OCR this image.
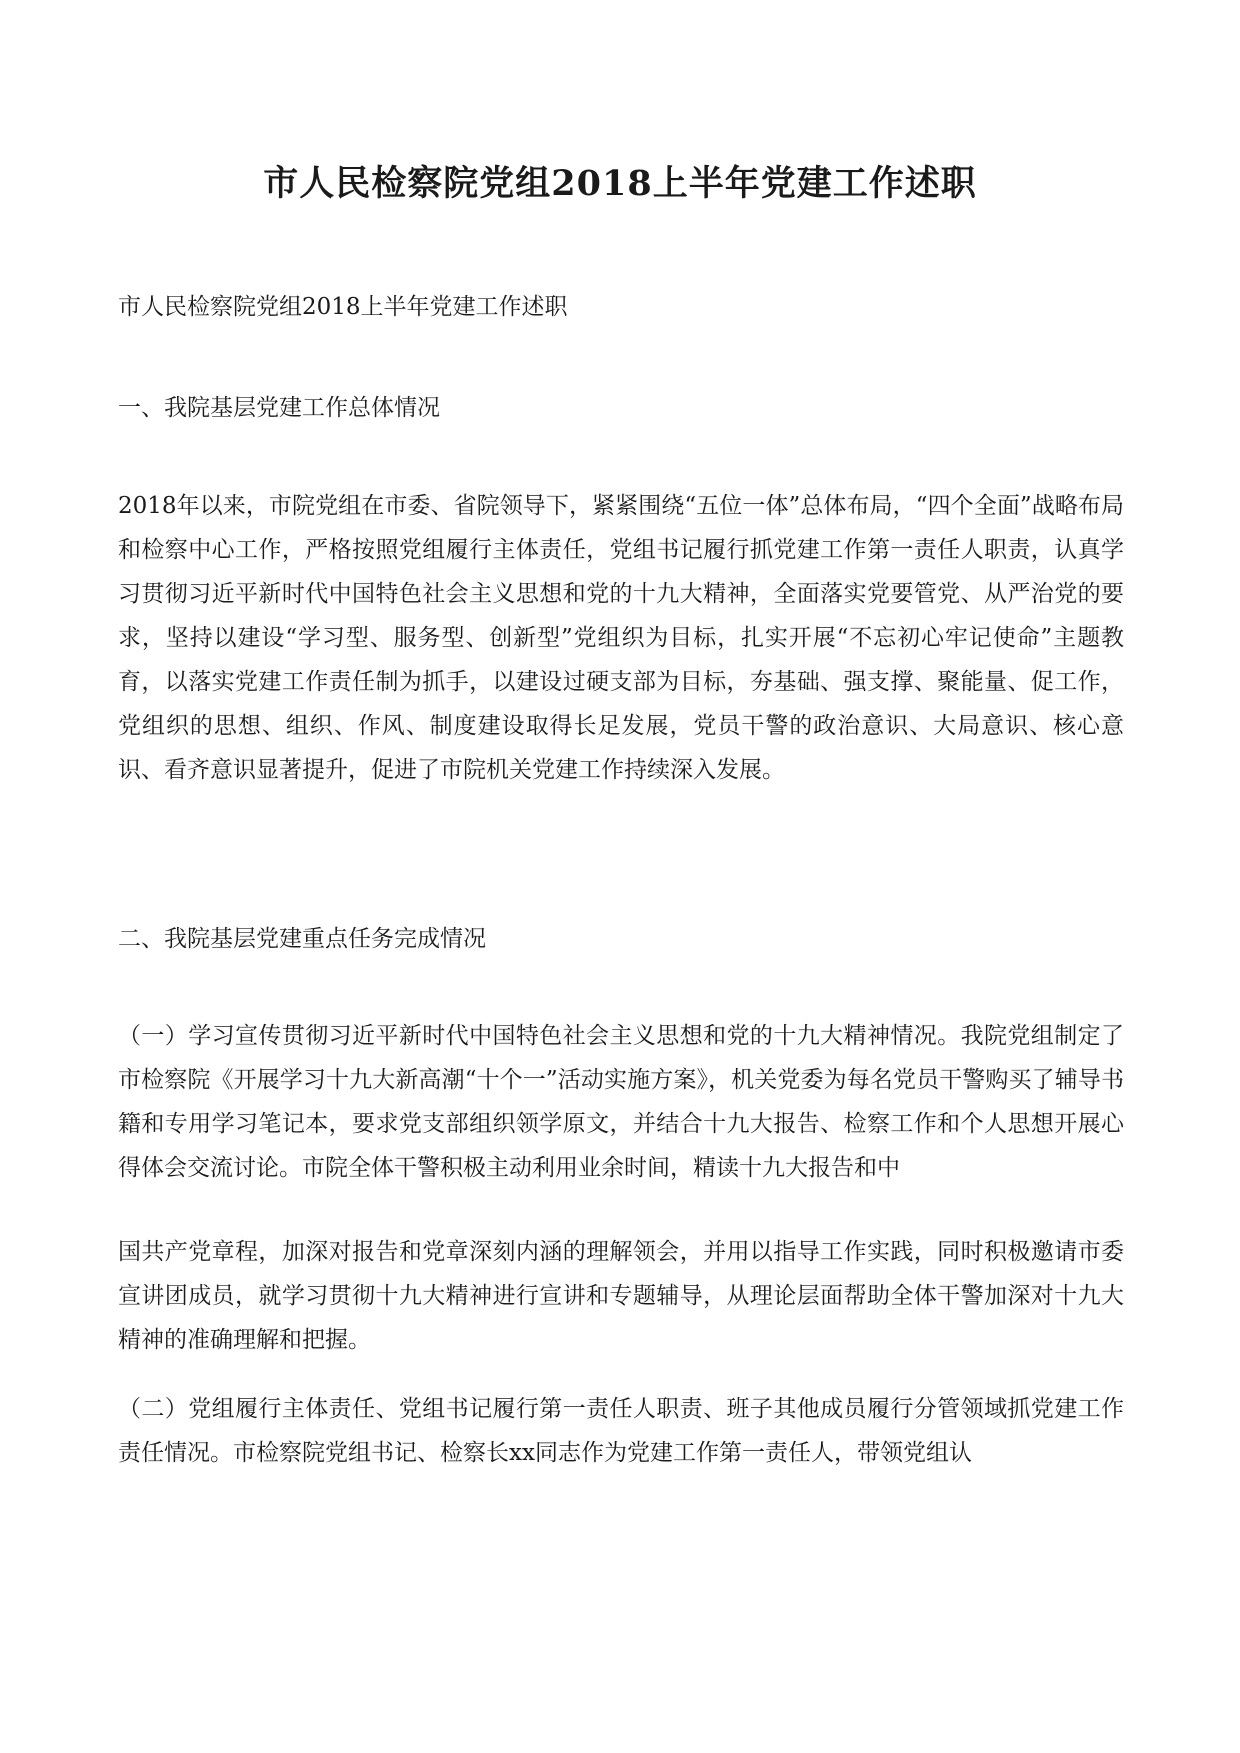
市人民检察院党组2018上半年党建工作述职
市人民检察院党组2018上半年党建工作述职
一、我院基层党建工作总体情况
2018年以来，市院党组在市委、省院领导下，紧紧围绕“五位一体”总体布局，“四个全面”战略布局和检察中心工作，严格按照党组履行主体责任，党组书记履行抓党建工作第一责任人职责，认真学习贯彻习近平新时代中国特色社会主义思想和党的十九大精神，全面落实党要管党、从严治党的要求，坚持以建设“学习型、服务型、创新型”党组织为目标，扎实开展“不忘初心牢记使命”主题教育，以落实党建工作责任制为抓手，以建设过硬支部为目标，夯基础、强支撑、聚能量、促工作，党组织的思想、组织、作风、制度建设取得长足发展，党员干警的政治意识、大局意识、核心意识、看齐意识显著提升，促进了市院机关党建工作持续深入发展。
二、我院基层党建重点任务完成情况
（一）学习宣传贯彻习近平新时代中国特色社会主义思想和党的十九大精神情况。我院党组制定了市检察院《开展学习十九大新高潮“十个一”活动实施方案》，机关党委为每名党员干警购买了辅导书籍和专用学习笔记本，要求党支部组织领学原文，并结合十九大报告、检察工作和个人思想开展心得体会交流讨论。市院全体干警积极主动利用业余时间，精读十九大报告和中
国共产党章程，加深对报告和党章深刻内涵的理解领会，并用以指导工作实践，同时积极邀请市委宣讲团成员，就学习贯彻十九大精神进行宣讲和专题辅导，从理论层面帮助全体干警加深对十九大精神的准确理解和把握。
（二）党组履行主体责任、党组书记履行第一责任人职责、班子其他成员履行分管领域抓党建工作责任情况。市检察院党组书记、检察长xx同志作为党建工作第一责任人，带领党组认
